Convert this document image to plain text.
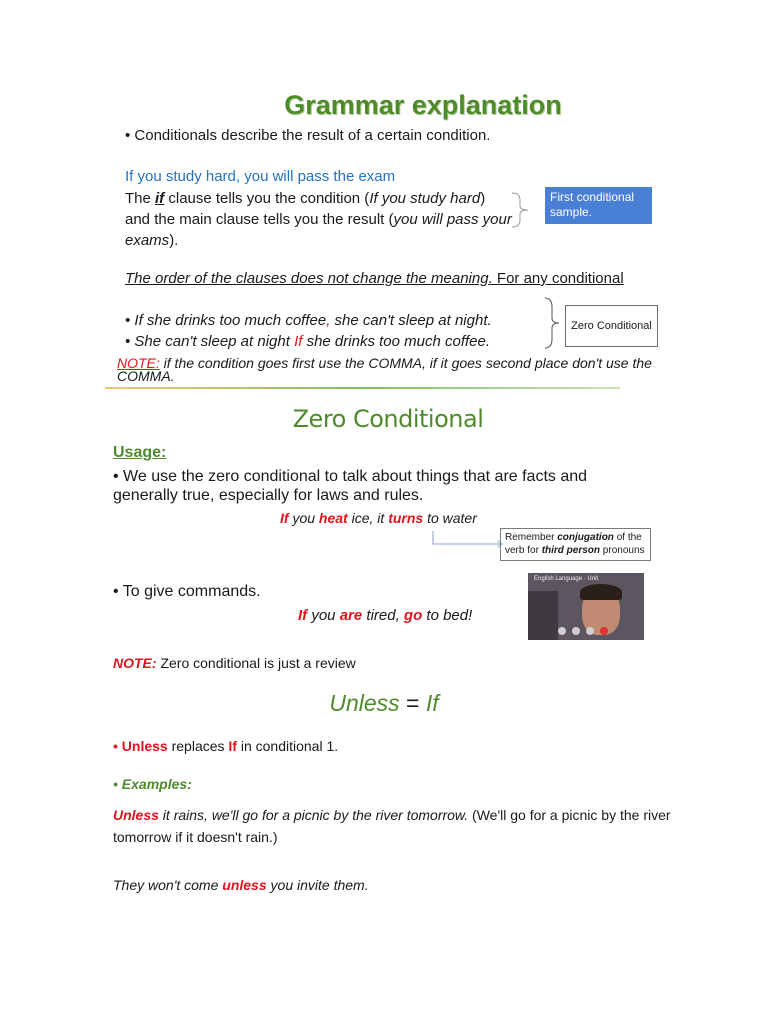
Grammar explanation
• Conditionals describe the result of a certain condition.
If you study hard, you will pass the exam
The if clause tells you the condition (If you study hard)
and the main clause tells you the result (you will pass your exams).
First conditional sample.
The order of the clauses does not change the meaning. For any conditional
• If she drinks too much coffee, she can't sleep at night.
• She can't sleep at night If she drinks too much coffee.
Zero Conditional
NOTE: if the condition goes first use the COMMA, if it goes second place don't use the COMMA.
Zero Conditional
Usage:
• We use the zero conditional to talk about things that are facts and generally true, especially for laws and rules.
If you heat ice, it turns to water
Remember conjugation of the verb for third person pronouns
• To give commands.
If you are tired, go to bed!
English Language · Unit
NOTE: Zero conditional is just a review
Unless = If
• Unless replaces If in conditional 1.
• Examples:
Unless it rains, we'll go for a picnic by the river tomorrow. (We'll go for a picnic by the river tomorrow if it doesn't rain.)
They won't come unless you invite them.
